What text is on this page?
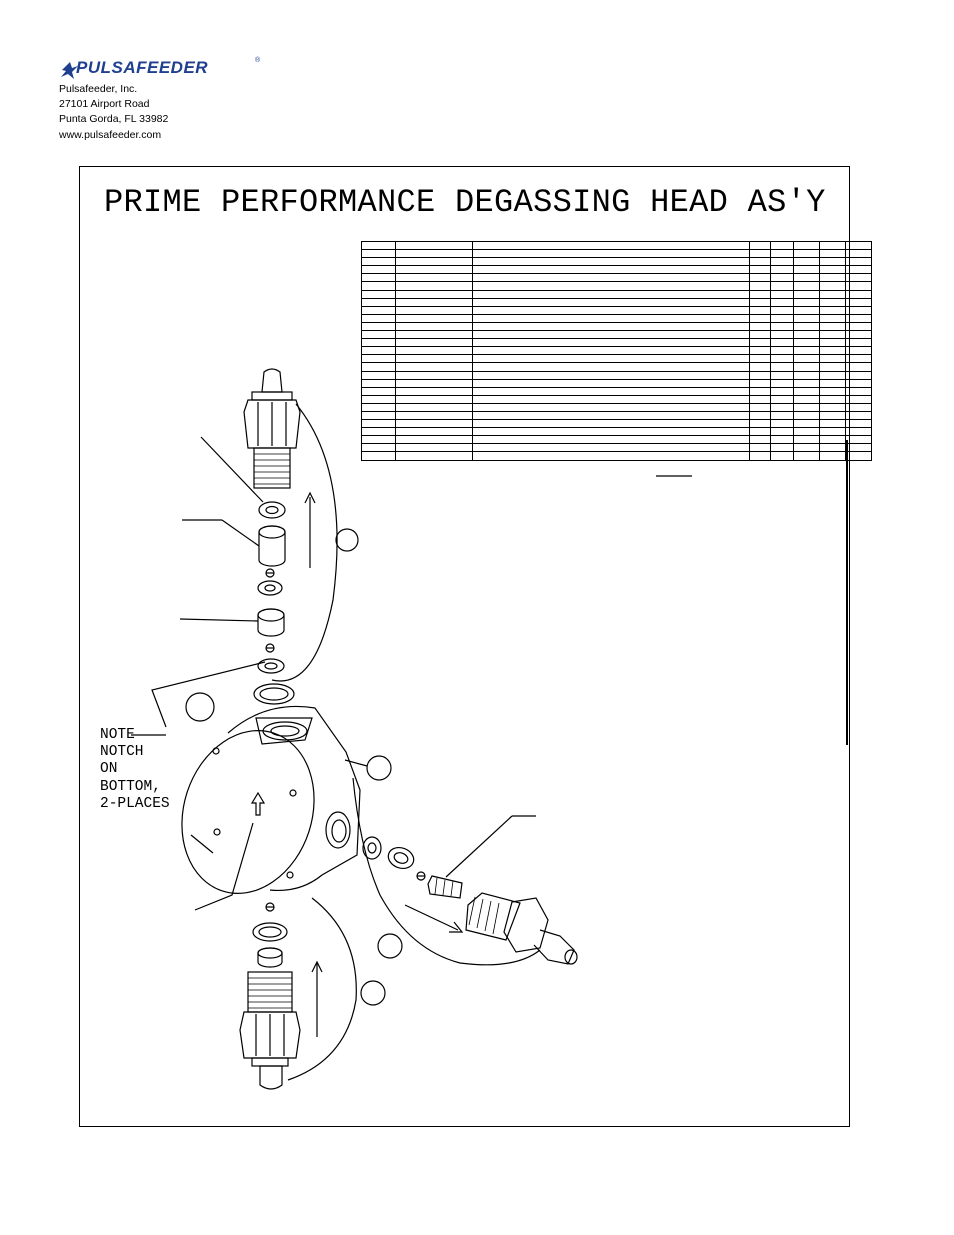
PULSAFEEDER	®
Pulsafeeder, Inc.
27101 Airport Road
Punta Gorda, FL 33982
www.pulsafeeder.com
PRIME PERFORMANCE DEGASSING HEAD AS'Y

NOTE
NOTCH
ON
BOTTOM,
2-PLACES
